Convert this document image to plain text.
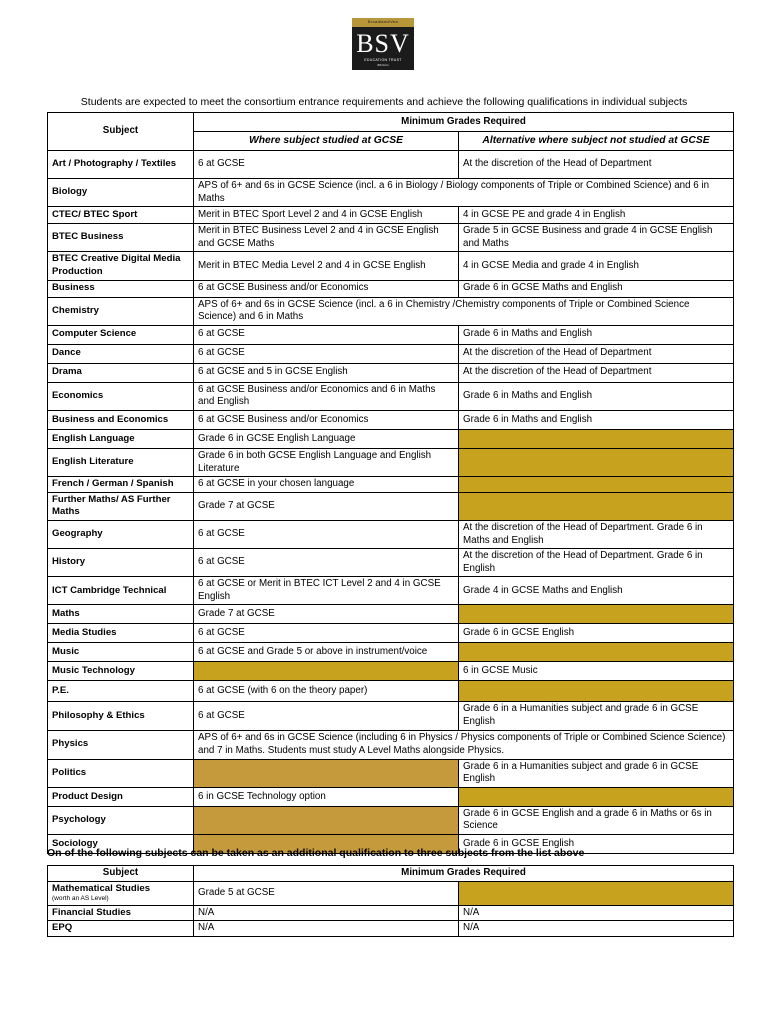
Broadland/Vea
BSV
EDUCATION TRUST
6th form
Students are expected to meet the consortium entrance requirements and achieve the following qualifications in individual subjects
Subject	Minimum Grades Required	
	Where subject studied at GCSE	Alternative where subject not studied at GCSE
Art / Photography / Textiles	6 at GCSE	At the discretion of the Head of Department
Biology	APS of 6+ and 6s in GCSE Science (incl. a 6 in Biology / Biology components of Triple or Combined Science) and 6 in Maths	
CTEC/ BTEC Sport	Merit in BTEC Sport Level 2 and 4 in GCSE English	4 in GCSE PE and grade 4 in English
BTEC Business	Merit in BTEC Business Level 2 and 4 in GCSE English and GCSE Maths	Grade 5 in GCSE Business and grade 4 in GCSE English and Maths
BTEC Creative Digital Media Production	Merit in BTEC Media Level 2 and 4 in GCSE English	4 in GCSE Media and grade 4 in English
Business	6 at GCSE Business and/or Economics	Grade 6 in GCSE Maths and English
Chemistry	APS of 6+ and 6s in GCSE Science (incl. a 6 in Chemistry /Chemistry components of Triple or Combined Science Science) and 6 in Maths	
Computer Science	6 at GCSE	Grade 6 in Maths and English
Dance	6 at GCSE	At the discretion of the Head of Department
Drama	6 at GCSE and 5 in GCSE English	At the discretion of the Head of Department
Economics	6 at GCSE Business and/or Economics and 6 in Maths and English	Grade 6 in Maths and English
Business and Economics	6 at GCSE Business and/or Economics	Grade 6 in Maths and English
English Language	Grade 6 in GCSE English Language	
English Literature	Grade 6 in both GCSE English Language and English Literature	
French / German / Spanish	6 at GCSE in your chosen language	
Further Maths/ AS Further Maths	Grade 7 at GCSE	
Geography	6 at GCSE	At the discretion of the Head of Department. Grade 6 in Maths and English
History	6 at GCSE	At the discretion of the Head of Department. Grade 6 in English
ICT Cambridge Technical	6 at GCSE or Merit in BTEC ICT Level 2 and 4 in GCSE English	Grade 4 in GCSE Maths and English
Maths	Grade 7 at GCSE	
Media Studies	6 at GCSE	Grade 6 in GCSE English
Music	6 at GCSE and Grade 5 or above in instrument/voice	
Music Technology		6 in GCSE Music
P.E.	6 at GCSE (with 6 on the theory paper)	
Philosophy & Ethics	6 at GCSE	Grade 6 in a Humanities subject and grade 6 in GCSE English
Physics	APS of 6+ and 6s in GCSE Science (including 6 in Physics / Physics components of Triple or Combined Science Science) and 7 in Maths. Students must study A Level Maths alongside Physics.	
Politics		Grade 6 in a Humanities subject and grade 6 in GCSE English
Product Design	6 in GCSE Technology option	
Psychology		Grade 6 in GCSE English and a grade 6 in Maths or 6s in Science
Sociology		Grade 6 in GCSE English
On of the following subjects can be taken as an additional qualification to three subjects from the list above
Subject	Minimum Grades Required	
Mathematical Studies
(worth an AS Level)	Grade 5 at GCSE	
Financial Studies	N/A	N/A
EPQ	N/A	N/A
